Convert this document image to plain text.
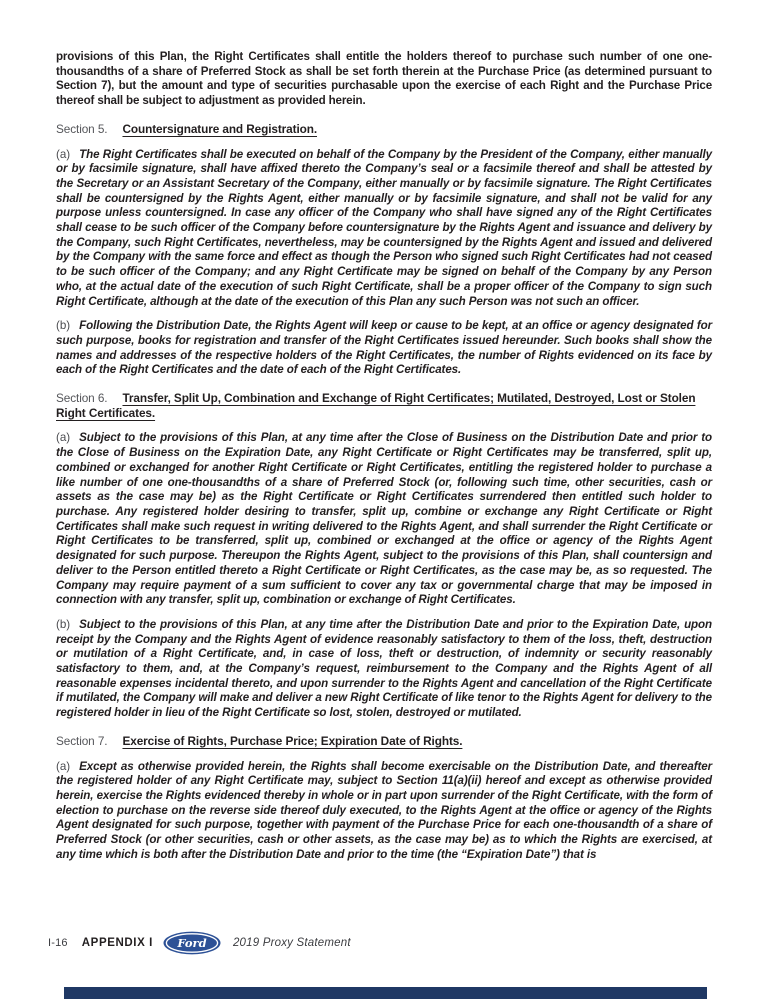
provisions of this Plan, the Right Certificates shall entitle the holders thereof to purchase such number of one one-thousandths of a share of Preferred Stock as shall be set forth therein at the Purchase Price (as determined pursuant to Section 7), but the amount and type of securities purchasable upon the exercise of each Right and the Purchase Price thereof shall be subject to adjustment as provided herein.

Section 5. Countersignature and Registration.

(a) The Right Certificates shall be executed on behalf of the Company by the President of the Company, either manually or by facsimile signature, shall have affixed thereto the Company’s seal or a facsimile thereof and shall be attested by the Secretary or an Assistant Secretary of the Company, either manually or by facsimile signature. The Right Certificates shall be countersigned by the Rights Agent, either manually or by facsimile signature, and shall not be valid for any purpose unless countersigned. In case any officer of the Company who shall have signed any of the Right Certificates shall cease to be such officer of the Company before countersignature by the Rights Agent and issuance and delivery by the Company, such Right Certificates, nevertheless, may be countersigned by the Rights Agent and issued and delivered by the Company with the same force and effect as though the Person who signed such Right Certificates had not ceased to be such officer of the Company; and any Right Certificate may be signed on behalf of the Company by any Person who, at the actual date of the execution of such Right Certificate, shall be a proper officer of the Company to sign such Right Certificate, although at the date of the execution of this Plan any such Person was not such an officer.

(b) Following the Distribution Date, the Rights Agent will keep or cause to be kept, at an office or agency designated for such purpose, books for registration and transfer of the Right Certificates issued hereunder. Such books shall show the names and addresses of the respective holders of the Right Certificates, the number of Rights evidenced on its face by each of the Right Certificates and the date of each of the Right Certificates.

Section 6. Transfer, Split Up, Combination and Exchange of Right Certificates; Mutilated, Destroyed, Lost or Stolen Right Certificates.

(a) Subject to the provisions of this Plan, at any time after the Close of Business on the Distribution Date and prior to the Close of Business on the Expiration Date, any Right Certificate or Right Certificates may be transferred, split up, combined or exchanged for another Right Certificate or Right Certificates, entitling the registered holder to purchase a like number of one one-thousandths of a share of Preferred Stock (or, following such time, other securities, cash or assets as the case may be) as the Right Certificate or Right Certificates surrendered then entitled such holder to purchase. Any registered holder desiring to transfer, split up, combine or exchange any Right Certificate or Right Certificates shall make such request in writing delivered to the Rights Agent, and shall surrender the Right Certificate or Right Certificates to be transferred, split up, combined or exchanged at the office or agency of the Rights Agent designated for such purpose. Thereupon the Rights Agent, subject to the provisions of this Plan, shall countersign and deliver to the Person entitled thereto a Right Certificate or Right Certificates, as the case may be, as so requested. The Company may require payment of a sum sufficient to cover any tax or governmental charge that may be imposed in connection with any transfer, split up, combination or exchange of Right Certificates.

(b) Subject to the provisions of this Plan, at any time after the Distribution Date and prior to the Expiration Date, upon receipt by the Company and the Rights Agent of evidence reasonably satisfactory to them of the loss, theft, destruction or mutilation of a Right Certificate, and, in case of loss, theft or destruction, of indemnity or security reasonably satisfactory to them, and, at the Company’s request, reimbursement to the Company and the Rights Agent of all reasonable expenses incidental thereto, and upon surrender to the Rights Agent and cancellation of the Right Certificate if mutilated, the Company will make and deliver a new Right Certificate of like tenor to the Rights Agent for delivery to the registered holder in lieu of the Right Certificate so lost, stolen, destroyed or mutilated.

Section 7. Exercise of Rights, Purchase Price; Expiration Date of Rights.

(a) Except as otherwise provided herein, the Rights shall become exercisable on the Distribution Date, and thereafter the registered holder of any Right Certificate may, subject to Section 11(a)(ii) hereof and except as otherwise provided herein, exercise the Rights evidenced thereby in whole or in part upon surrender of the Right Certificate, with the form of election to purchase on the reverse side thereof duly executed, to the Rights Agent at the office or agency of the Rights Agent designated for such purpose, together with payment of the Purchase Price for each one-thousandth of a share of Preferred Stock (or other securities, cash or other assets, as the case may be) as to which the Rights are exercised, at any time which is both after the Distribution Date and prior to the time (the “Expiration Date”) that is

I-16 APPENDIX I Ford 2019 Proxy Statement
